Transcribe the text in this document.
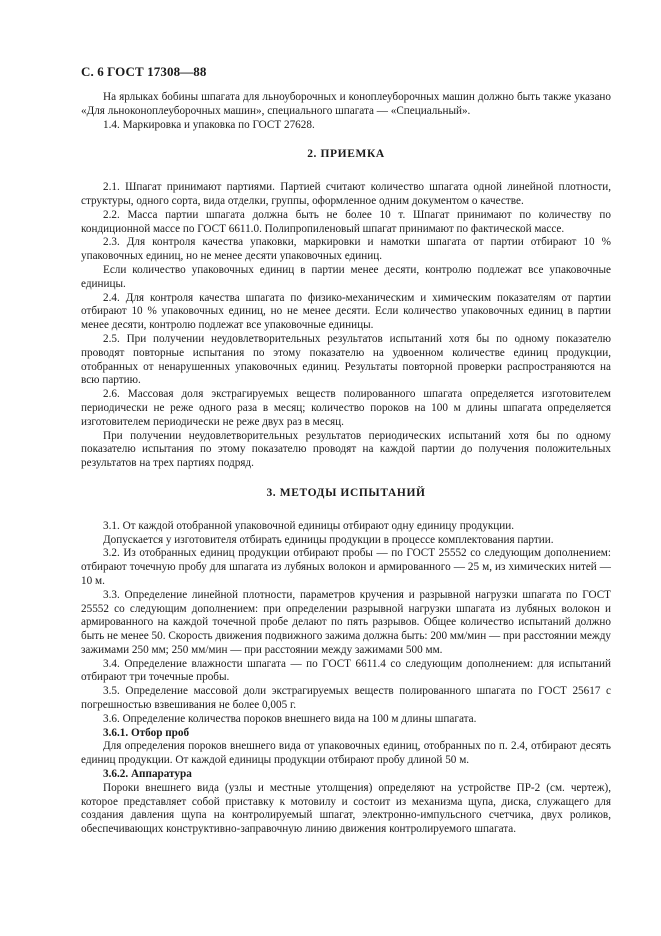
С. 6 ГОСТ 17308—88

На ярлыках бобины шпагата для льноуборочных и коноплеуборочных машин должно быть также указано «Для льноконоплеуборочных машин», специального шпагата — «Специальный».

1.4. Маркировка и упаковка по ГОСТ 27628.

2. ПРИЕМКА

2.1. Шпагат принимают партиями. Партией считают количество шпагата одной линейной плотности, структуры, одного сорта, вида отделки, группы, оформленное одним документом о качестве.

2.2. Масса партии шпагата должна быть не более 10 т. Шпагат принимают по количеству по кондиционной массе по ГОСТ 6611.0. Полипропиленовый шпагат принимают по фактической массе.

2.3. Для контроля качества упаковки, маркировки и намотки шпагата от партии отбирают 10 % упаковочных единиц, но не менее десяти упаковочных единиц.

Если количество упаковочных единиц в партии менее десяти, контролю подлежат все упаковочные единицы.

2.4. Для контроля качества шпагата по физико-механическим и химическим показателям от партии отбирают 10 % упаковочных единиц, но не менее десяти. Если количество упаковочных единиц в партии менее десяти, контролю подлежат все упаковочные единицы.

2.5. При получении неудовлетворительных результатов испытаний хотя бы по одному показателю проводят повторные испытания по этому показателю на удвоенном количестве единиц продукции, отобранных от ненарушенных упаковочных единиц. Результаты повторной проверки распространяются на всю партию.

2.6. Массовая доля экстрагируемых веществ полированного шпагата определяется изготовителем периодически не реже одного раза в месяц; количество пороков на 100 м длины шпагата определяется изготовителем периодически не реже двух раз в месяц.

При получении неудовлетворительных результатов периодических испытаний хотя бы по одному показателю испытания по этому показателю проводят на каждой партии до получения положительных результатов на трех партиях подряд.

3. МЕТОДЫ ИСПЫТАНИЙ

3.1. От каждой отобранной упаковочной единицы отбирают одну единицу продукции.

Допускается у изготовителя отбирать единицы продукции в процессе комплектования партии.

3.2. Из отобранных единиц продукции отбирают пробы — по ГОСТ 25552 со следующим дополнением: отбирают точечную пробу для шпагата из лубяных волокон и армированного — 25 м, из химических нитей — 10 м.

3.3. Определение линейной плотности, параметров кручения и разрывной нагрузки шпагата по ГОСТ 25552 со следующим дополнением: при определении разрывной нагрузки шпагата из лубяных волокон и армированного на каждой точечной пробе делают по пять разрывов. Общее количество испытаний должно быть не менее 50. Скорость движения подвижного зажима должна быть: 200 мм/мин — при расстоянии между зажимами 250 мм; 250 мм/мин — при расстоянии между зажимами 500 мм.

3.4. Определение влажности шпагата — по ГОСТ 6611.4 со следующим дополнением: для испытаний отбирают три точечные пробы.

3.5. Определение массовой доли экстрагируемых веществ полированного шпагата по ГОСТ 25617 с погрешностью взвешивания не более 0,005 г.

3.6. Определение количества пороков внешнего вида на 100 м длины шпагата.

3.6.1. Отбор проб

Для определения пороков внешнего вида от упаковочных единиц, отобранных по п. 2.4, отбирают десять единиц продукции. От каждой единицы продукции отбирают пробу длиной 50 м.

3.6.2. Аппаратура

Пороки внешнего вида (узлы и местные утолщения) определяют на устройстве ПР-2 (см. чертеж), которое представляет собой приставку к мотовилу и состоит из механизма щупа, диска, служащего для создания давления щупа на контролируемый шпагат, электронно-импульсного счетчика, двух роликов, обеспечивающих конструктивно-заправочную линию движения контролируемого шпагата.
